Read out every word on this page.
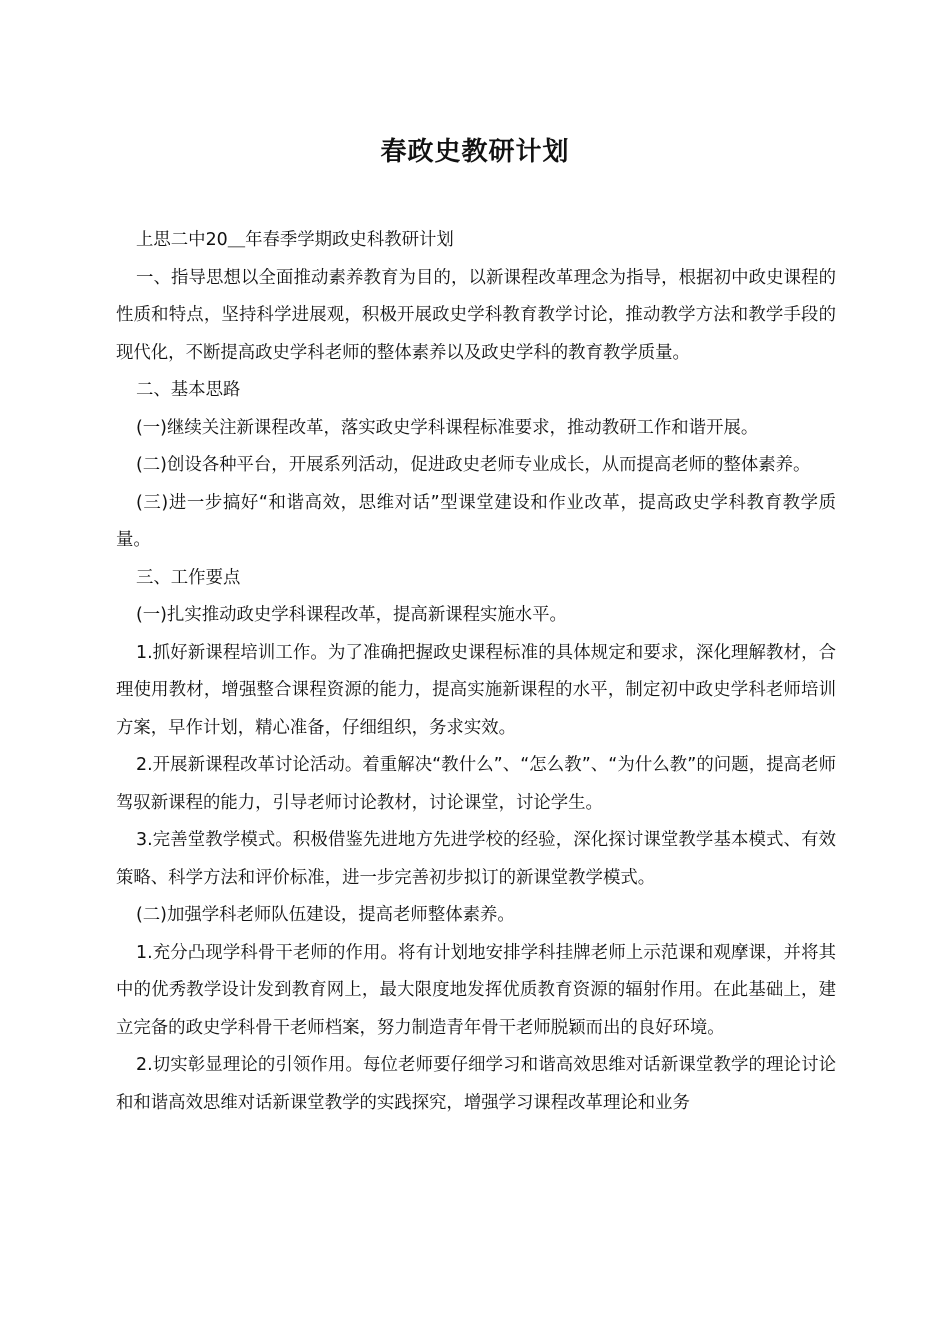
春政史教研计划

上思二中20＿年春季学期政史科教研计划

一、指导思想以全面推动素养教育为目的，以新课程改革理念为指导，根据初中政史课程的性质和特点，坚持科学进展观，积极开展政史学科教育教学讨论，推动教学方法和教学手段的现代化，不断提高政史学科老师的整体素养以及政史学科的教育教学质量。

二、基本思路

(一)继续关注新课程改革，落实政史学科课程标准要求，推动教研工作和谐开展。

(二)创设各种平台，开展系列活动，促进政史老师专业成长，从而提高老师的整体素养。

(三)进一步搞好“和谐高效，思维对话”型课堂建设和作业改革，提高政史学科教育教学质量。

三、工作要点

(一)扎实推动政史学科课程改革，提高新课程实施水平。

1.抓好新课程培训工作。为了准确把握政史课程标准的具体规定和要求，深化理解教材，合理使用教材，增强整合课程资源的能力，提高实施新课程的水平，制定初中政史学科老师培训方案，早作计划，精心准备，仔细组织，务求实效。

2.开展新课程改革讨论活动。着重解决“教什么”、“怎么教”、“为什么教”的问题，提高老师驾驭新课程的能力，引导老师讨论教材，讨论课堂，讨论学生。

3.完善堂教学模式。积极借鉴先进地方先进学校的经验，深化探讨课堂教学基本模式、有效策略、科学方法和评价标准，进一步完善初步拟订的新课堂教学模式。

(二)加强学科老师队伍建设，提高老师整体素养。

1.充分凸现学科骨干老师的作用。将有计划地安排学科挂牌老师上示范课和观摩课，并将其中的优秀教学设计发到教育网上，最大限度地发挥优质教育资源的辐射作用。在此基础上，建立完备的政史学科骨干老师档案，努力制造青年骨干老师脱颖而出的良好环境。

2.切实彰显理论的引领作用。每位老师要仔细学习和谐高效思维对话新课堂教学的理论讨论和和谐高效思维对话新课堂教学的实践探究，增强学习课程改革理论和业务
